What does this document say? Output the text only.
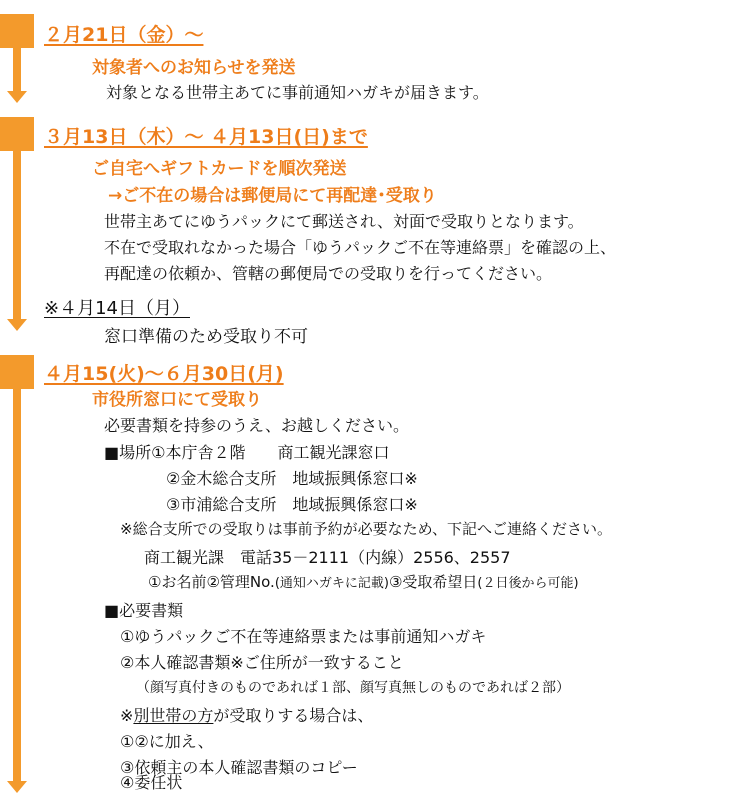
２月21日（金）～
対象者へのお知らせを発送
対象となる世帯主あてに事前通知ハガキが届きます。
３月13日（木）～ ４月13日(日)まで
ご自宅へギフトカードを順次発送
→ご不在の場合は郵便局にて再配達･受取り
世帯主あてにゆうパックにて郵送され、対面で受取りとなります。
不在で受取れなかった場合「ゆうパックご不在等連絡票」を確認の上、
再配達の依頼か、管轄の郵便局での受取りを行ってください。
※４月14日（月）
窓口準備のため受取り不可
４月15(火)～６月30日(月)
市役所窓口にて受取り
必要書類を持参のうえ、お越しください。
■場所①本庁舎２階　　商工観光課窓口
②金木総合支所　地域振興係窓口※
③市浦総合支所　地域振興係窓口※
※総合支所での受取りは事前予約が必要なため、下記へご連絡ください。
商工観光課　電話35－2111（内線）2556、2557
①お名前②管理No.(通知ハガキに記載)③受取希望日(２日後から可能)
■必要書類
①ゆうパックご不在等連絡票または事前通知ハガキ
②本人確認書類※ご住所が一致すること
（顔写真付きのものであれば１部、顔写真無しのものであれば２部）
※別世帯の方が受取りする場合は、
①②に加え、
③依頼主の本人確認書類のコピー
④委任状
